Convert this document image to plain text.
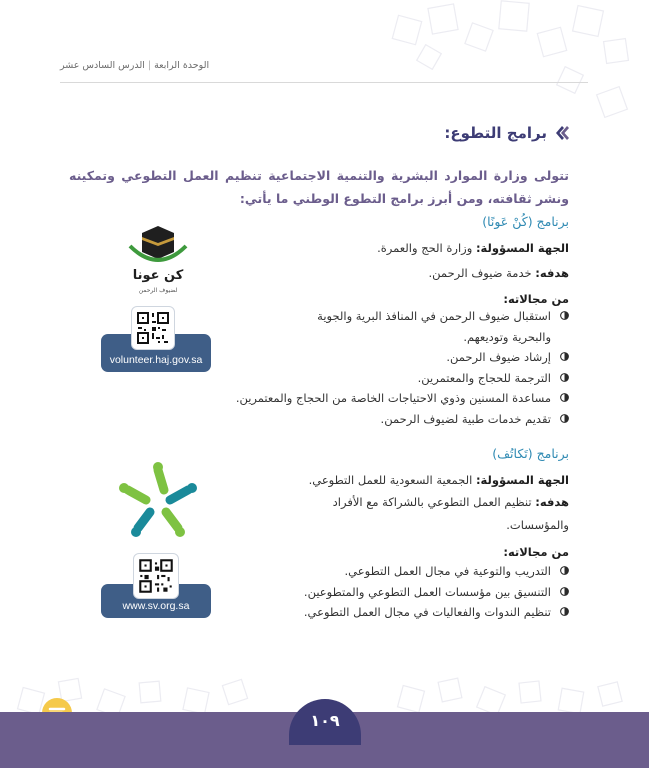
الوحدة الرابعة|الدرس السادس عشر
برامج التطوع:
تتولى وزارة الموارد البشرية والتنمية الاجتماعية تنظيم العمل التطوعي وتمكينه ونشر ثقافته، ومن أبرز برامج التطوع الوطني ما يأتي:
برنامج (كُنْ عَونًا)
الجهة المسؤولة: وزارة الحج والعمرة.
هدفه: خدمة ضيوف الرحمن.
من مجالاته:
استقبال ضيوف الرحمن في المنافذ البرية والجوية
والبحرية وتوديعهم.
إرشاد ضيوف الرحمن.
الترجمة للحجاج والمعتمرين.
مساعدة المسنين وذوي الاحتياجات الخاصة من الحجاج والمعتمرين.
تقديم خدمات طبية لضيوف الرحمن.
كن عونا
لضيوف الرحمن
volunteer.haj.gov.sa
برنامج (تَكاتُف)
الجهة المسؤولة: الجمعية السعودية للعمل التطوعي.
هدفه: تنظيم العمل التطوعي بالشراكة مع الأفراد
والمؤسسات.
من مجالاته:
التدريب والتوعية في مجال العمل التطوعي.
التنسيق بين مؤسسات العمل التطوعي والمتطوعين.
تنظيم الندوات والفعاليات في مجال العمل التطوعي.
www.sv.org.sa
١٠٩
